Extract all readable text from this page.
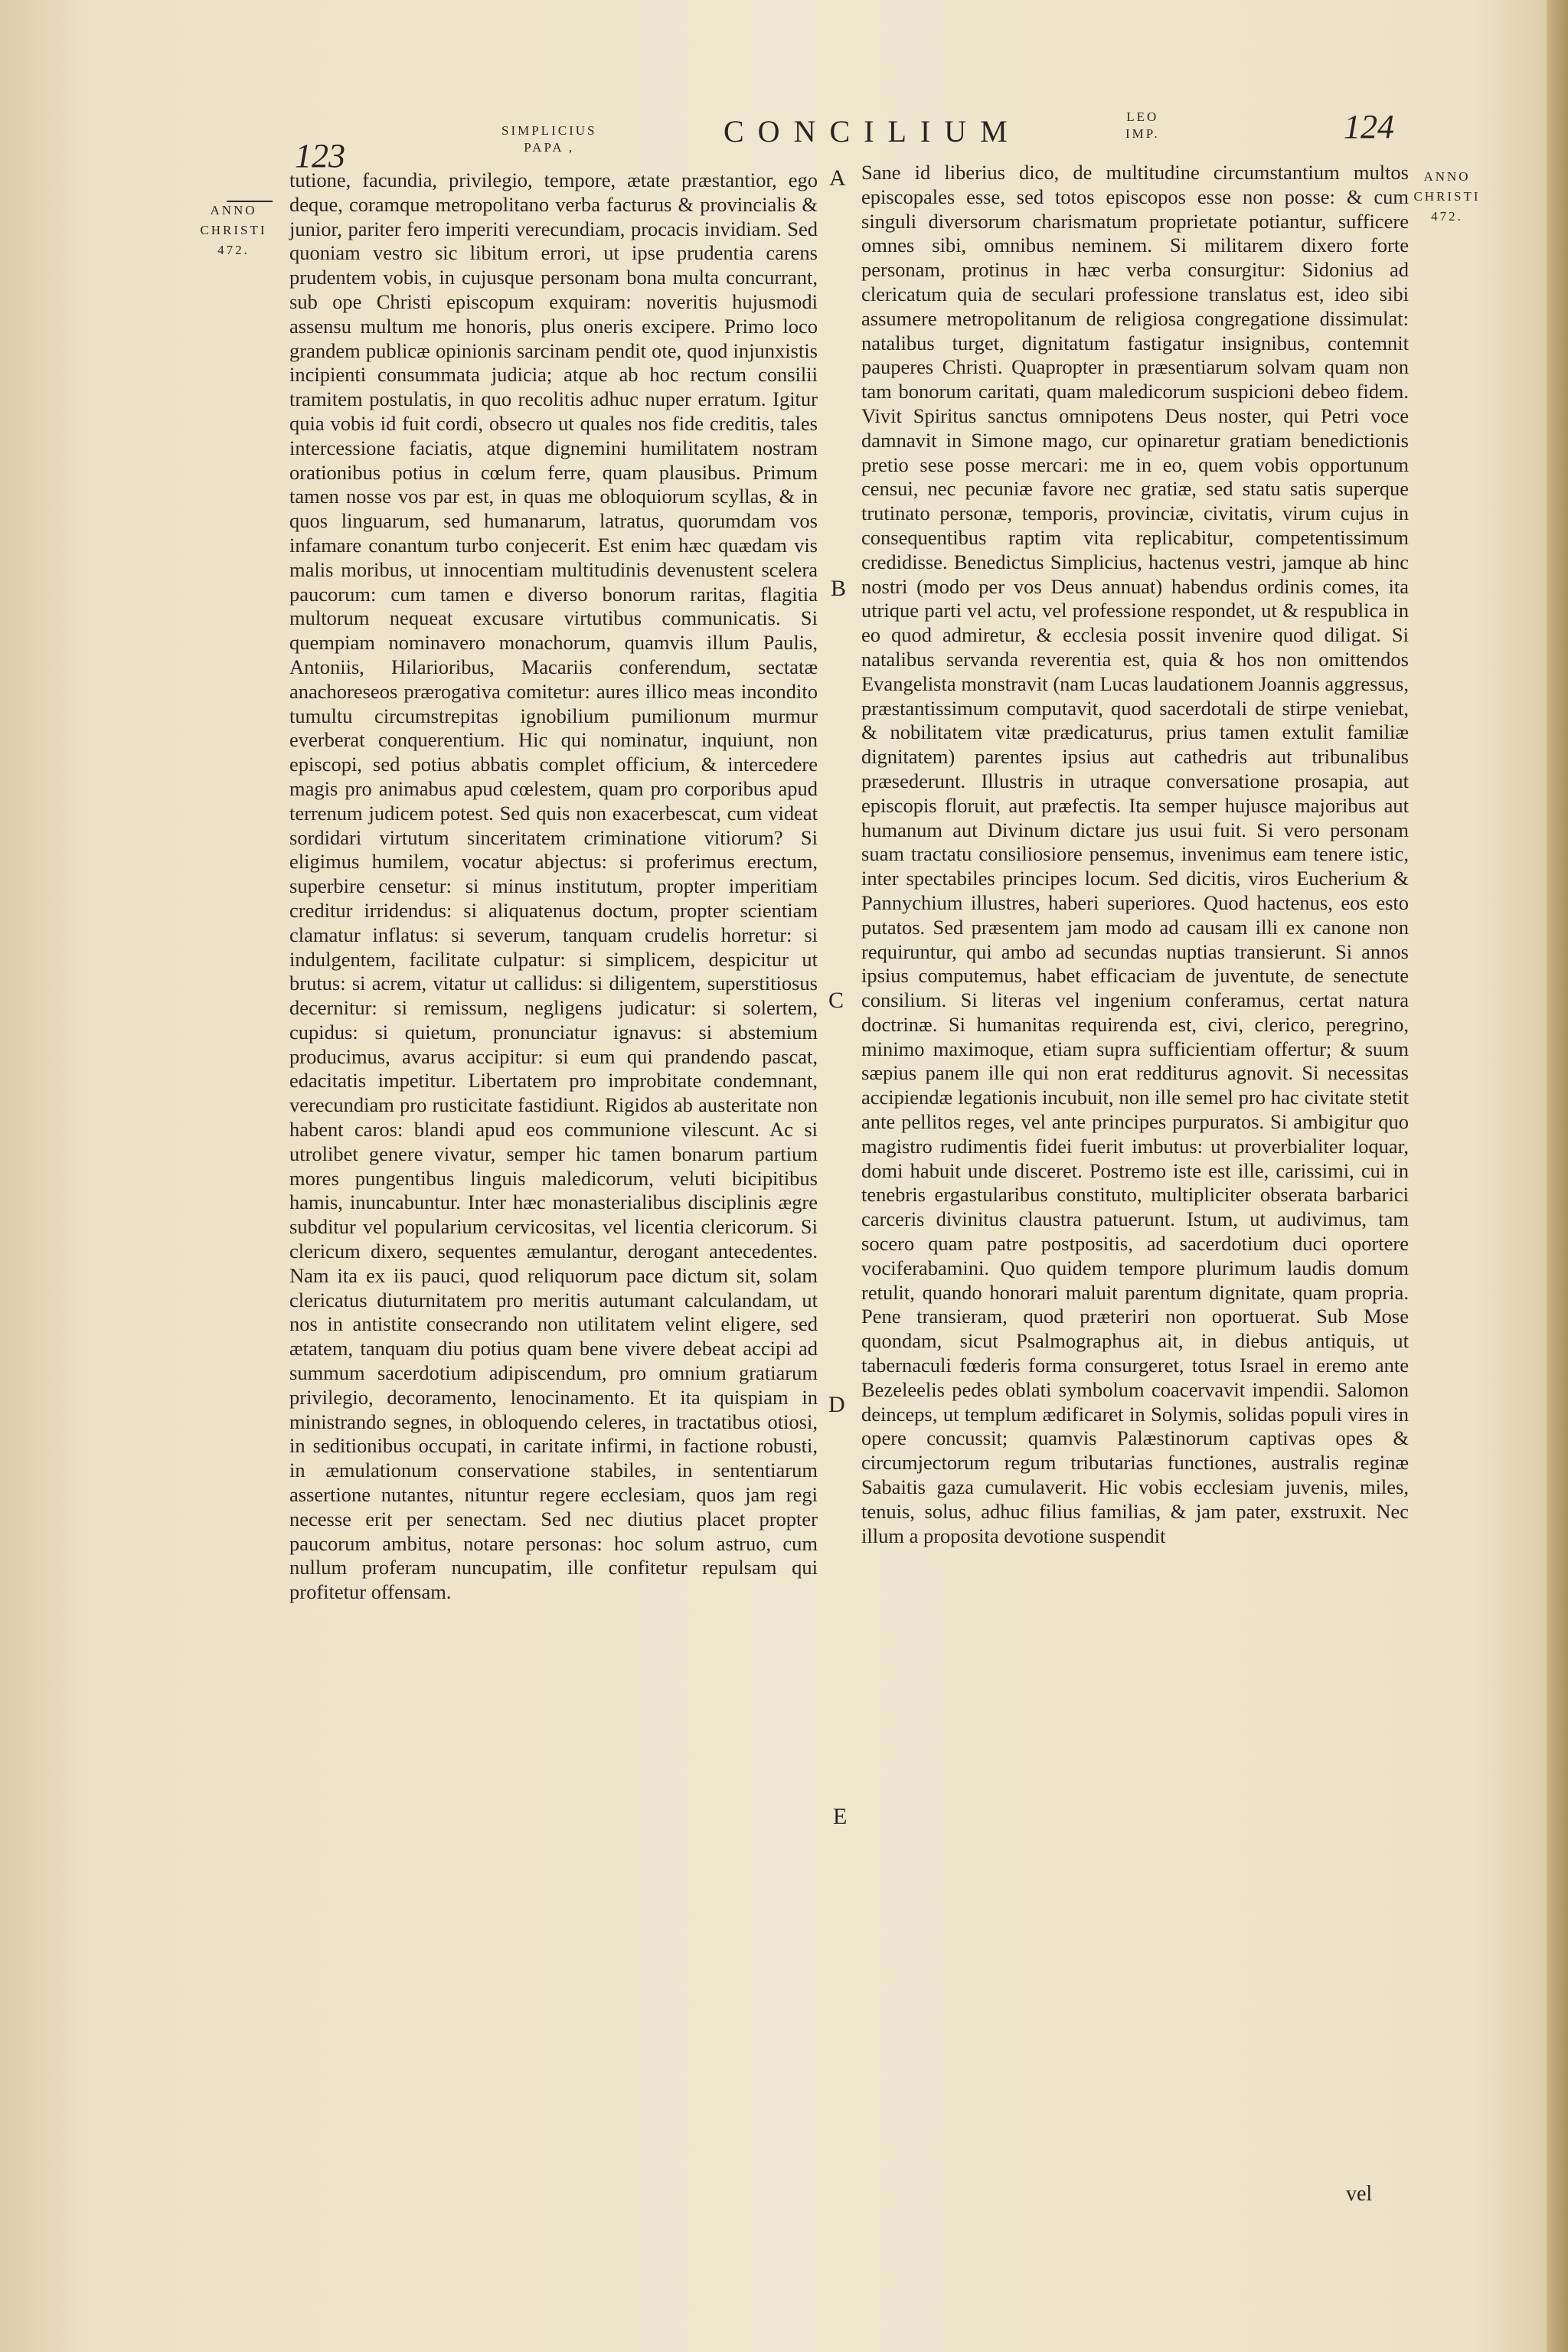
123
SIMPLICIUS
PAPA ,	CONCILIUM	LEO
IMP.	124
ANNO
CHRISTI
472.
ANNO
CHRISTI
472.
A
B
C
D
E

tutione, facundia, privilegio, tempore, ætate præstantior, ego deque, coramque metropolitano verba facturus & provincialis & junior, pariter fero imperiti verecundiam, procacis invidiam. Sed quoniam vestro sic libitum errori, ut ipse prudentia carens prudentem vobis, in cujusque personam bona multa concurrant, sub ope Christi episcopum exquiram: noveritis hujusmodi assensu multum me honoris, plus oneris excipere. Primo loco grandem publicæ opinionis sarcinam pendit ote, quod injunxistis incipienti consummata judicia; atque ab hoc rectum consilii tramitem postulatis, in quo recolitis adhuc nuper erratum. Igitur quia vobis id fuit cordi, obsecro ut quales nos fide creditis, tales intercessione faciatis, atque dignemini humilitatem nostram orationibus potius in cœlum ferre, quam plausibus. Primum tamen nosse vos par est, in quas me obloquiorum scyllas, & in quos linguarum, sed humanarum, latratus, quorumdam vos infamare conantum turbo conjecerit. Est enim hæc quædam vis malis moribus, ut innocentiam multitudinis devenustent scelera paucorum: cum tamen e diverso bonorum raritas, flagitia multorum nequeat excusare virtutibus communicatis. Si quempiam nominavero monachorum, quamvis illum Paulis, Antoniis, Hilarioribus, Macariis conferendum, sectatæ anachoreseos prærogativa comitetur: aures illico meas incondito tumultu circumstrepitas ignobilium pumilionum murmur everberat conquerentium. Hic qui nominatur, inquiunt, non episcopi, sed potius abbatis complet officium, & intercedere magis pro animabus apud cœlestem, quam pro corporibus apud terrenum judicem potest. Sed quis non exacerbescat, cum videat sordidari virtutum sinceritatem criminatione vitiorum? Si eligimus humilem, vocatur abjectus: si proferimus erectum, superbire censetur: si minus institutum, propter imperitiam creditur irridendus: si aliquatenus doctum, propter scientiam clamatur inflatus: si severum, tanquam crudelis horretur: si indulgentem, facilitate culpatur: si simplicem, despicitur ut brutus: si acrem, vitatur ut callidus: si diligentem, superstitiosus decernitur: si remissum, negligens judicatur: si solertem, cupidus: si quietum, pronunciatur ignavus: si abstemium producimus, avarus accipitur: si eum qui prandendo pascat, edacitatis impetitur. Libertatem pro improbitate condemnant, verecundiam pro rusticitate fastidiunt. Rigidos ab austeritate non habent caros: blandi apud eos communione vilescunt. Ac si utrolibet genere vivatur, semper hic tamen bonarum partium mores pungentibus linguis maledicorum, veluti bicipitibus hamis, inuncabuntur. Inter hæc monasterialibus disciplinis ægre subditur vel popularium cervicositas, vel licentia clericorum. Si clericum dixero, sequentes æmulantur, derogant antecedentes. Nam ita ex iis pauci, quod reliquorum pace dictum sit, solam clericatus diuturnitatem pro meritis autumant calculandam, ut nos in antistite consecrando non utilitatem velint eligere, sed ætatem, tanquam diu potius quam bene vivere debeat accipi ad summum sacerdotium adipiscendum, pro omnium gratiarum privilegio, decoramento, lenocinamento. Et ita quispiam in ministrando segnes, in obloquendo celeres, in tractatibus otiosi, in seditionibus occupati, in caritate infirmi, in factione robusti, in æmulationum conservatione stabiles, in sententiarum assertione nutantes, nituntur regere ecclesiam, quos jam regi necesse erit per senectam. Sed nec diutius placet propter paucorum ambitus, notare personas: hoc solum astruo, cum nullum proferam nuncupatim, ille confitetur repulsam qui profitetur offensam.

Sane id liberius dico, de multitudine circumstantium multos episcopales esse, sed totos episcopos esse non posse: & cum singuli diversorum charismatum proprietate potiantur, sufficere omnes sibi, omnibus neminem. Si militarem dixero forte personam, protinus in hæc verba consurgitur: Sidonius ad clericatum quia de seculari professione translatus est, ideo sibi assumere metropolitanum de religiosa congregatione dissimulat: natalibus turget, dignitatum fastigatur insignibus, contemnit pauperes Christi. Quapropter in præsentiarum solvam quam non tam bonorum caritati, quam maledicorum suspicioni debeo fidem. Vivit Spiritus sanctus omnipotens Deus noster, qui Petri voce damnavit in Simone mago, cur opinaretur gratiam benedictionis pretio sese posse mercari: me in eo, quem vobis opportunum censui, nec pecuniæ favore nec gratiæ, sed statu satis superque trutinato personæ, temporis, provinciæ, civitatis, virum cujus in consequentibus raptim vita replicabitur, competentissimum credidisse. Benedictus Simplicius, hactenus vestri, jamque ab hinc nostri (modo per vos Deus annuat) habendus ordinis comes, ita utrique parti vel actu, vel professione respondet, ut & respublica in eo quod admiretur, & ecclesia possit invenire quod diligat. Si natalibus servanda reverentia est, quia & hos non omittendos Evangelista monstravit (nam Lucas laudationem Joannis aggressus, præstantissimum computavit, quod sacerdotali de stirpe veniebat, & nobilitatem vitæ prædicaturus, prius tamen extulit familiæ dignitatem) parentes ipsius aut cathedris aut tribunalibus præsederunt. Illustris in utraque conversatione prosapia, aut episcopis floruit, aut præfectis. Ita semper hujusce majoribus aut humanum aut Divinum dictare jus usui fuit. Si vero personam suam tractatu consiliosiore pensemus, invenimus eam tenere istic, inter spectabiles principes locum. Sed dicitis, viros Eucherium & Pannychium illustres, haberi superiores. Quod hactenus, eos esto putatos. Sed præsentem jam modo ad causam illi ex canone non requiruntur, qui ambo ad secundas nuptias transierunt. Si annos ipsius computemus, habet efficaciam de juventute, de senectute consilium. Si literas vel ingenium conferamus, certat natura doctrinæ. Si humanitas requirenda est, civi, clerico, peregrino, minimo maximoque, etiam supra sufficientiam offertur; & suum sæpius panem ille qui non erat redditurus agnovit. Si necessitas accipiendæ legationis incubuit, non ille semel pro hac civitate stetit ante pellitos reges, vel ante principes purpuratos. Si ambigitur quo magistro rudimentis fidei fuerit imbutus: ut proverbialiter loquar, domi habuit unde disceret. Postremo iste est ille, carissimi, cui in tenebris ergastularibus constituto, multipliciter obserata barbarici carceris divinitus claustra patuerunt. Istum, ut audivimus, tam socero quam patre postpositis, ad sacerdotium duci oportere vociferabamini. Quo quidem tempore plurimum laudis domum retulit, quando honorari maluit parentum dignitate, quam propria. Pene transieram, quod præteriri non oportuerat. Sub Mose quondam, sicut Psalmographus ait, in diebus antiquis, ut tabernaculi fœderis forma consurgeret, totus Israel in eremo ante Bezeleelis pedes oblati symbolum coacervavit impendii. Salomon deinceps, ut templum ædificaret in Solymis, solidas populi vires in opere concussit; quamvis Palæstinorum captivas opes & circumjectorum regum tributarias functiones, australis reginæ Sabaitis gaza cumulaverit. Hic vobis ecclesiam juvenis, miles, tenuis, solus, adhuc filius familias, & jam pater, exstruxit. Nec illum a proposita devotione suspendit

vel
